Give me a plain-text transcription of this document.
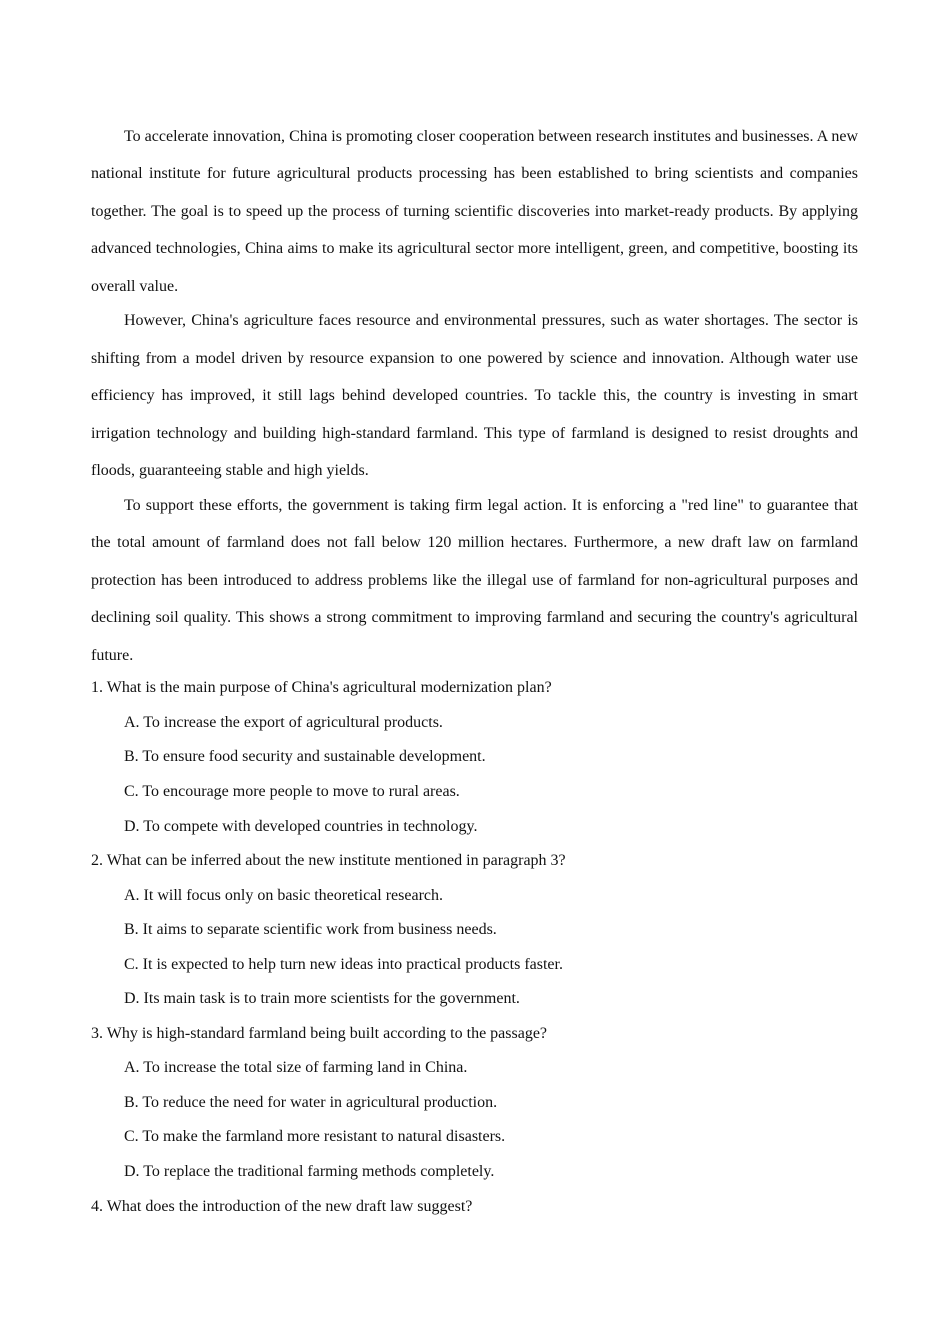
To accelerate innovation, China is promoting closer cooperation between research institutes and businesses. A new national institute for future agricultural products processing has been established to bring scientists and companies together. The goal is to speed up the process of turning scientific discoveries into market-ready products. By applying advanced technologies, China aims to make its agricultural sector more intelligent, green, and competitive, boosting its overall value.

However, China's agriculture faces resource and environmental pressures, such as water shortages. The sector is shifting from a model driven by resource expansion to one powered by science and innovation. Although water use efficiency has improved, it still lags behind developed countries. To tackle this, the country is investing in smart irrigation technology and building high-standard farmland. This type of farmland is designed to resist droughts and floods, guaranteeing stable and high yields.

To support these efforts, the government is taking firm legal action. It is enforcing a "red line" to guarantee that the total amount of farmland does not fall below 120 million hectares. Furthermore, a new draft law on farmland protection has been introduced to address problems like the illegal use of farmland for non-agricultural purposes and declining soil quality. This shows a strong commitment to improving farmland and securing the country's agricultural future.

1. What is the main purpose of China's agricultural modernization plan?

A. To increase the export of agricultural products.

B. To ensure food security and sustainable development.

C. To encourage more people to move to rural areas.

D. To compete with developed countries in technology.

2. What can be inferred about the new institute mentioned in paragraph 3?

A. It will focus only on basic theoretical research.

B. It aims to separate scientific work from business needs.

C. It is expected to help turn new ideas into practical products faster.

D. Its main task is to train more scientists for the government.

3. Why is high-standard farmland being built according to the passage?

A. To increase the total size of farming land in China.

B. To reduce the need for water in agricultural production.

C. To make the farmland more resistant to natural disasters.

D. To replace the traditional farming methods completely.

4. What does the introduction of the new draft law suggest?
